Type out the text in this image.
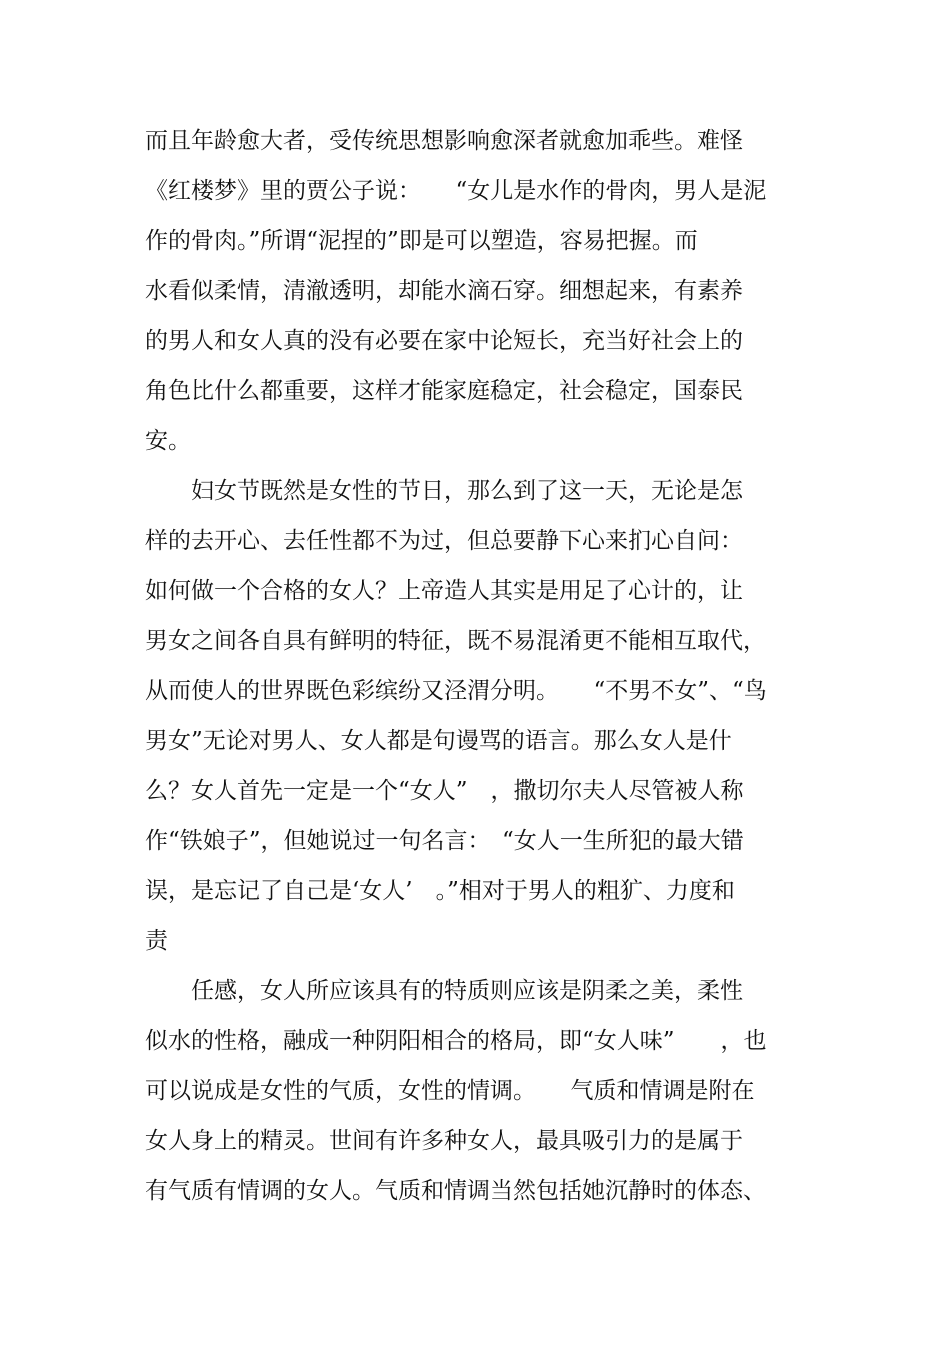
而且年龄愈大者，受传统思想影响愈深者就愈加乖些。难怪
《红楼梦》里的贾公子说：　　“女儿是水作的骨肉，男人是泥
作的骨肉。”所谓“泥捏的”即是可以塑造，容易把握。而
水看似柔情，清澈透明，却能水滴石穿。细想起来，有素养
的男人和女人真的没有必要在家中论短长，充当好社会上的
角色比什么都重要，这样才能家庭稳定，社会稳定，国泰民
安。
　　妇女节既然是女性的节日，那么到了这一天，无论是怎
样的去开心、去任性都不为过，但总要静下心来扪心自问：
如何做一个合格的女人？上帝造人其实是用足了心计的，让
男女之间各自具有鲜明的特征，既不易混淆更不能相互取代，
从而使人的世界既色彩缤纷又泾渭分明。　　“不男不女”、“鸟
男女”无论对男人、女人都是句谩骂的语言。那么女人是什
么？女人首先一定是一个“女人”　，撒切尔夫人尽管被人称
作“铁娘子”，但她说过一句名言：　“女人一生所犯的最大错
误，是忘记了自己是‘女人’　。”相对于男人的粗犷、力度和
责
　　任感，女人所应该具有的特质则应该是阴柔之美，柔性
似水的性格，融成一种阴阳相合的格局，即“女人味”　　，也
可以说成是女性的气质，女性的情调。　　气质和情调是附在
女人身上的精灵。世间有许多种女人，最具吸引力的是属于
有气质有情调的女人。气质和情调当然包括她沉静时的体态、
